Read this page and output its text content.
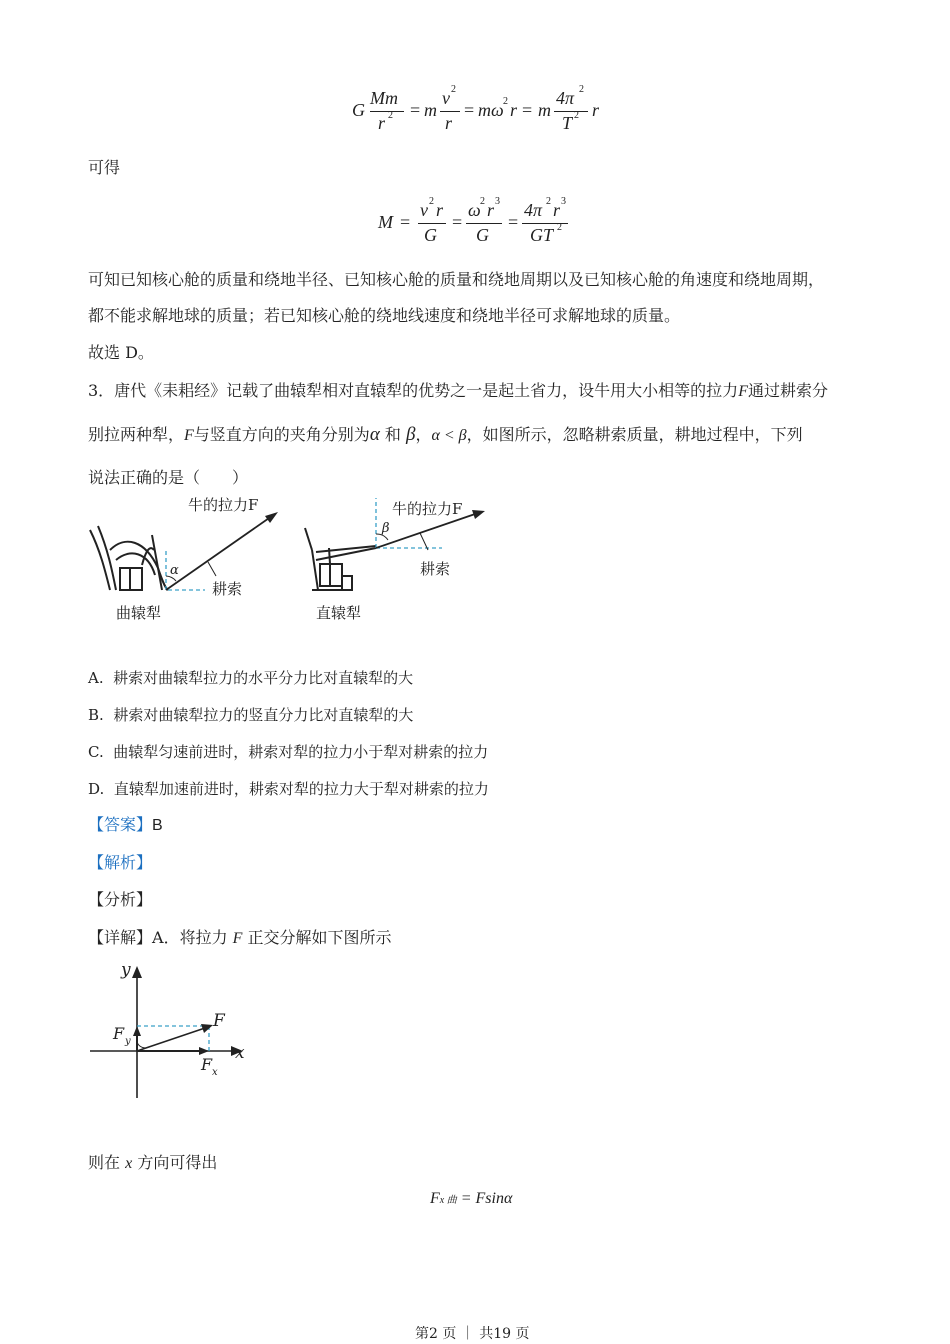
G
Mm
r 2 = m
v 2
r
= mω 2 r = m
4π 2
T 2 r
可得
M =
v 2 r
G
=
ω 2 r 3
G
=
4π 2 r 3
GT 2
可知已知核心舱的质量和绕地半径、已知核心舱的质量和绕地周期以及已知核心舱的角速度和绕地周期，
都不能求解地球的质量；若已知核心舱的绕地线速度和绕地半径可求解地球的质量。
故选 D。
3．唐代《耒耜经》记载了曲辕犁相对直辕犁的优势之一是起土省力，设牛用大小相等的拉力F通过耕索分
别拉两种犁，F与竖直方向的夹角分别为α 和 β，α < β，如图所示，忽略耕索质量，耕地过程中，下列
说法正确的是（　　）
牛的拉力F
α
耕索
曲辕犁
牛的拉力F
β
耕索
直辕犁
A. 耕索对曲辕犁拉力的水平分力比对直辕犁的大
B. 耕索对曲辕犁拉力的竖直分力比对直辕犁的大
C. 曲辕犁匀速前进时，耕索对犁的拉力小于犁对耕索的拉力
D. 直辕犁加速前进时，耕索对犁的拉力大于犁对耕索的拉力
【答案】B
【解析】
【分析】
【详解】A．将拉力 F 正交分解如下图所示
y
x
F
F y
F x
则在 x 方向可得出
Fx 曲 = Fsinα
第2 页 ｜ 共19 页
